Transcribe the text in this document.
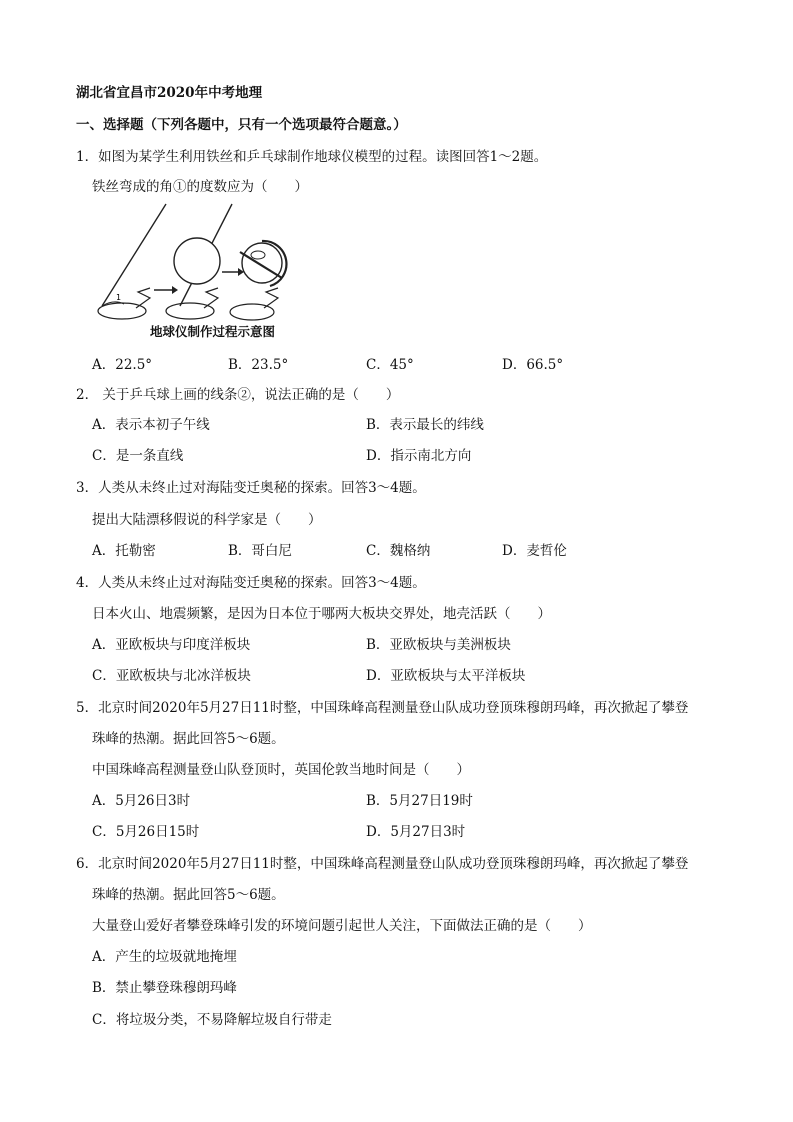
湖北省宜昌市2020年中考地理
一、选择题（下列各题中，只有一个选项最符合题意。）
1．如图为某学生利用铁丝和乒乓球制作地球仪模型的过程。读图回答1～2题。
铁丝弯成的角①的度数应为（　　）
1
地球仪制作过程示意图
A．22.5°	B．23.5°	C．45°	D．66.5°
2． 关于乒乓球上画的线条②，说法正确的是（　　）
A．表示本初子午线	B．表示最长的纬线
C．是一条直线	D．指示南北方向
3．人类从未终止过对海陆变迁奥秘的探索。回答3～4题。
提出大陆漂移假说的科学家是（　　）
A．托勒密	B．哥白尼	C．魏格纳	D．麦哲伦
4．人类从未终止过对海陆变迁奥秘的探索。回答3～4题。
日本火山、地震频繁，是因为日本位于哪两大板块交界处，地壳活跃（　　）
A．亚欧板块与印度洋板块	B．亚欧板块与美洲板块
C．亚欧板块与北冰洋板块	D．亚欧板块与太平洋板块
5．北京时间2020年5月27日11时整，中国珠峰高程测量登山队成功登顶珠穆朗玛峰，再次掀起了攀登
珠峰的热潮。据此回答5～6题。
中国珠峰高程测量登山队登顶时，英国伦敦当地时间是（　　）
A．5月26日3时	B．5月27日19时
C．5月26日15时	D．5月27日3时
6．北京时间2020年5月27日11时整，中国珠峰高程测量登山队成功登顶珠穆朗玛峰，再次掀起了攀登
珠峰的热潮。据此回答5～6题。
大量登山爱好者攀登珠峰引发的环境问题引起世人关注，下面做法正确的是（　　）
A．产生的垃圾就地掩埋
B．禁止攀登珠穆朗玛峰
C．将垃圾分类，不易降解垃圾自行带走
